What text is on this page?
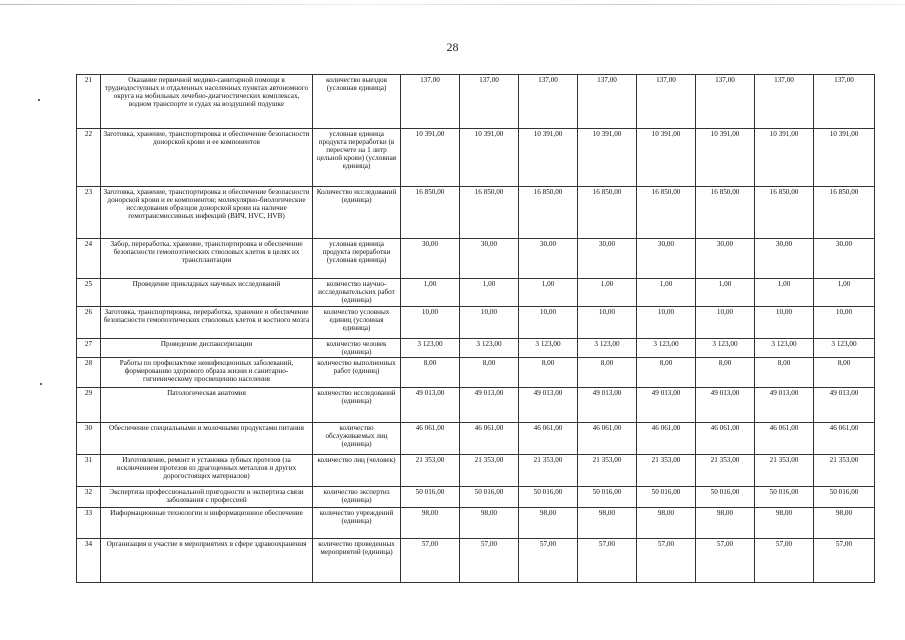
28
21	Оказание первичной медико-санитарной помощи в труднодоступных и отдаленных населенных пунктах автономного округа на мобильных лечебно-диагностических комплексах, водном транспорте и судах на воздушной подушке	количество выездов (условная единица)	137,00	137,00	137,00	137,00	137,00	137,00	137,00	137,00
22	Заготовка, хранение, транспортировка и обеспечение безопасности донорской крови и ее компонентов	условная единица продукта переработки (в пересчете на 1 литр цельной крови) (условная единица)	10 391,00	10 391,00	10 391,00	10 391,00	10 391,00	10 391,00	10 391,00	10 391,00
23	Заготовка, хранение, транспортировка и обеспечение безопасности донорской крови и ее компонентов; молекулярно-биологические исследования образцов донорской крови на наличие гемотрансмиссивных инфекций (ВИЧ, HVC, HVB)	Количество исследований (единица)	16 850,00	16 850,00	16 850,00	16 850,00	16 850,00	16 850,00	16 850,00	16 850,00
24	Забор, переработка, хранение, транспортировка и обеспечение безопасности гемопоэтических стволовых клеток в целях их трансплантации	условная единица продукта переработки (условная единица)	30,00	30,00	30,00	30,00	30,00	30,00	30,00	30,00
25	Проведение прикладных научных исследований	количество научно-исследовательских работ (единица)	1,00	1,00	1,00	1,00	1,00	1,00	1,00	1,00
26	Заготовка, транспортировка, переработка, хранение и обеспечение безопасности гемопоэтических стволовых клеток и костного мозга	количество условных единиц (условная единица)	10,00	10,00	10,00	10,00	10,00	10,00	10,00	10,00
27	Проведение диспансеризации	количество человек (единица)	3 123,00	3 123,00	3 123,00	3 123,00	3 123,00	3 123,00	3 123,00	3 123,00
28	Работы по профилактике неинфекционных заболеваний, формированию здорового образа жизни и санитарно-гигиеническому просвещению населения	количество выполненных работ (единиц)	8,00	8,00	8,00	8,00	8,00	8,00	8,00	8,00
29	Патологическая анатомия	количество исследований (единица)	49 013,00	49 013,00	49 013,00	49 013,00	49 013,00	49 013,00	49 013,00	49 013,00
30	Обеспечение специальными и молочными продуктами питания	количество обслуживаемых лиц (единица)	46 061,00	46 061,00	46 061,00	46 061,00	46 061,00	46 061,00	46 061,00	46 061,00
31	Изготовление, ремонт и установка зубных протезов (за исключением протезов из драгоценных металлов и других дорогостоящих материалов)	количество лиц (человек)	21 353,00	21 353,00	21 353,00	21 353,00	21 353,00	21 353,00	21 353,00	21 353,00
32	Экспертиза профессиональной пригодности и экспертиза связи заболевания с профессией	количество экспертиз (единица)	50 016,00	50 016,00	50 016,00	50 016,00	50 016,00	50 016,00	50 016,00	50 016,00
33	Информационные технологии и информационное обеспечение	количество учреждений (единица)	98,00	98,00	98,00	98,00	98,00	98,00	98,00	98,00
34	Организация и участие в мероприятиях в сфере здравоохранения	количество проведенных мероприятий (единица)	57,00	57,00	57,00	57,00	57,00	57,00	57,00	57,00
